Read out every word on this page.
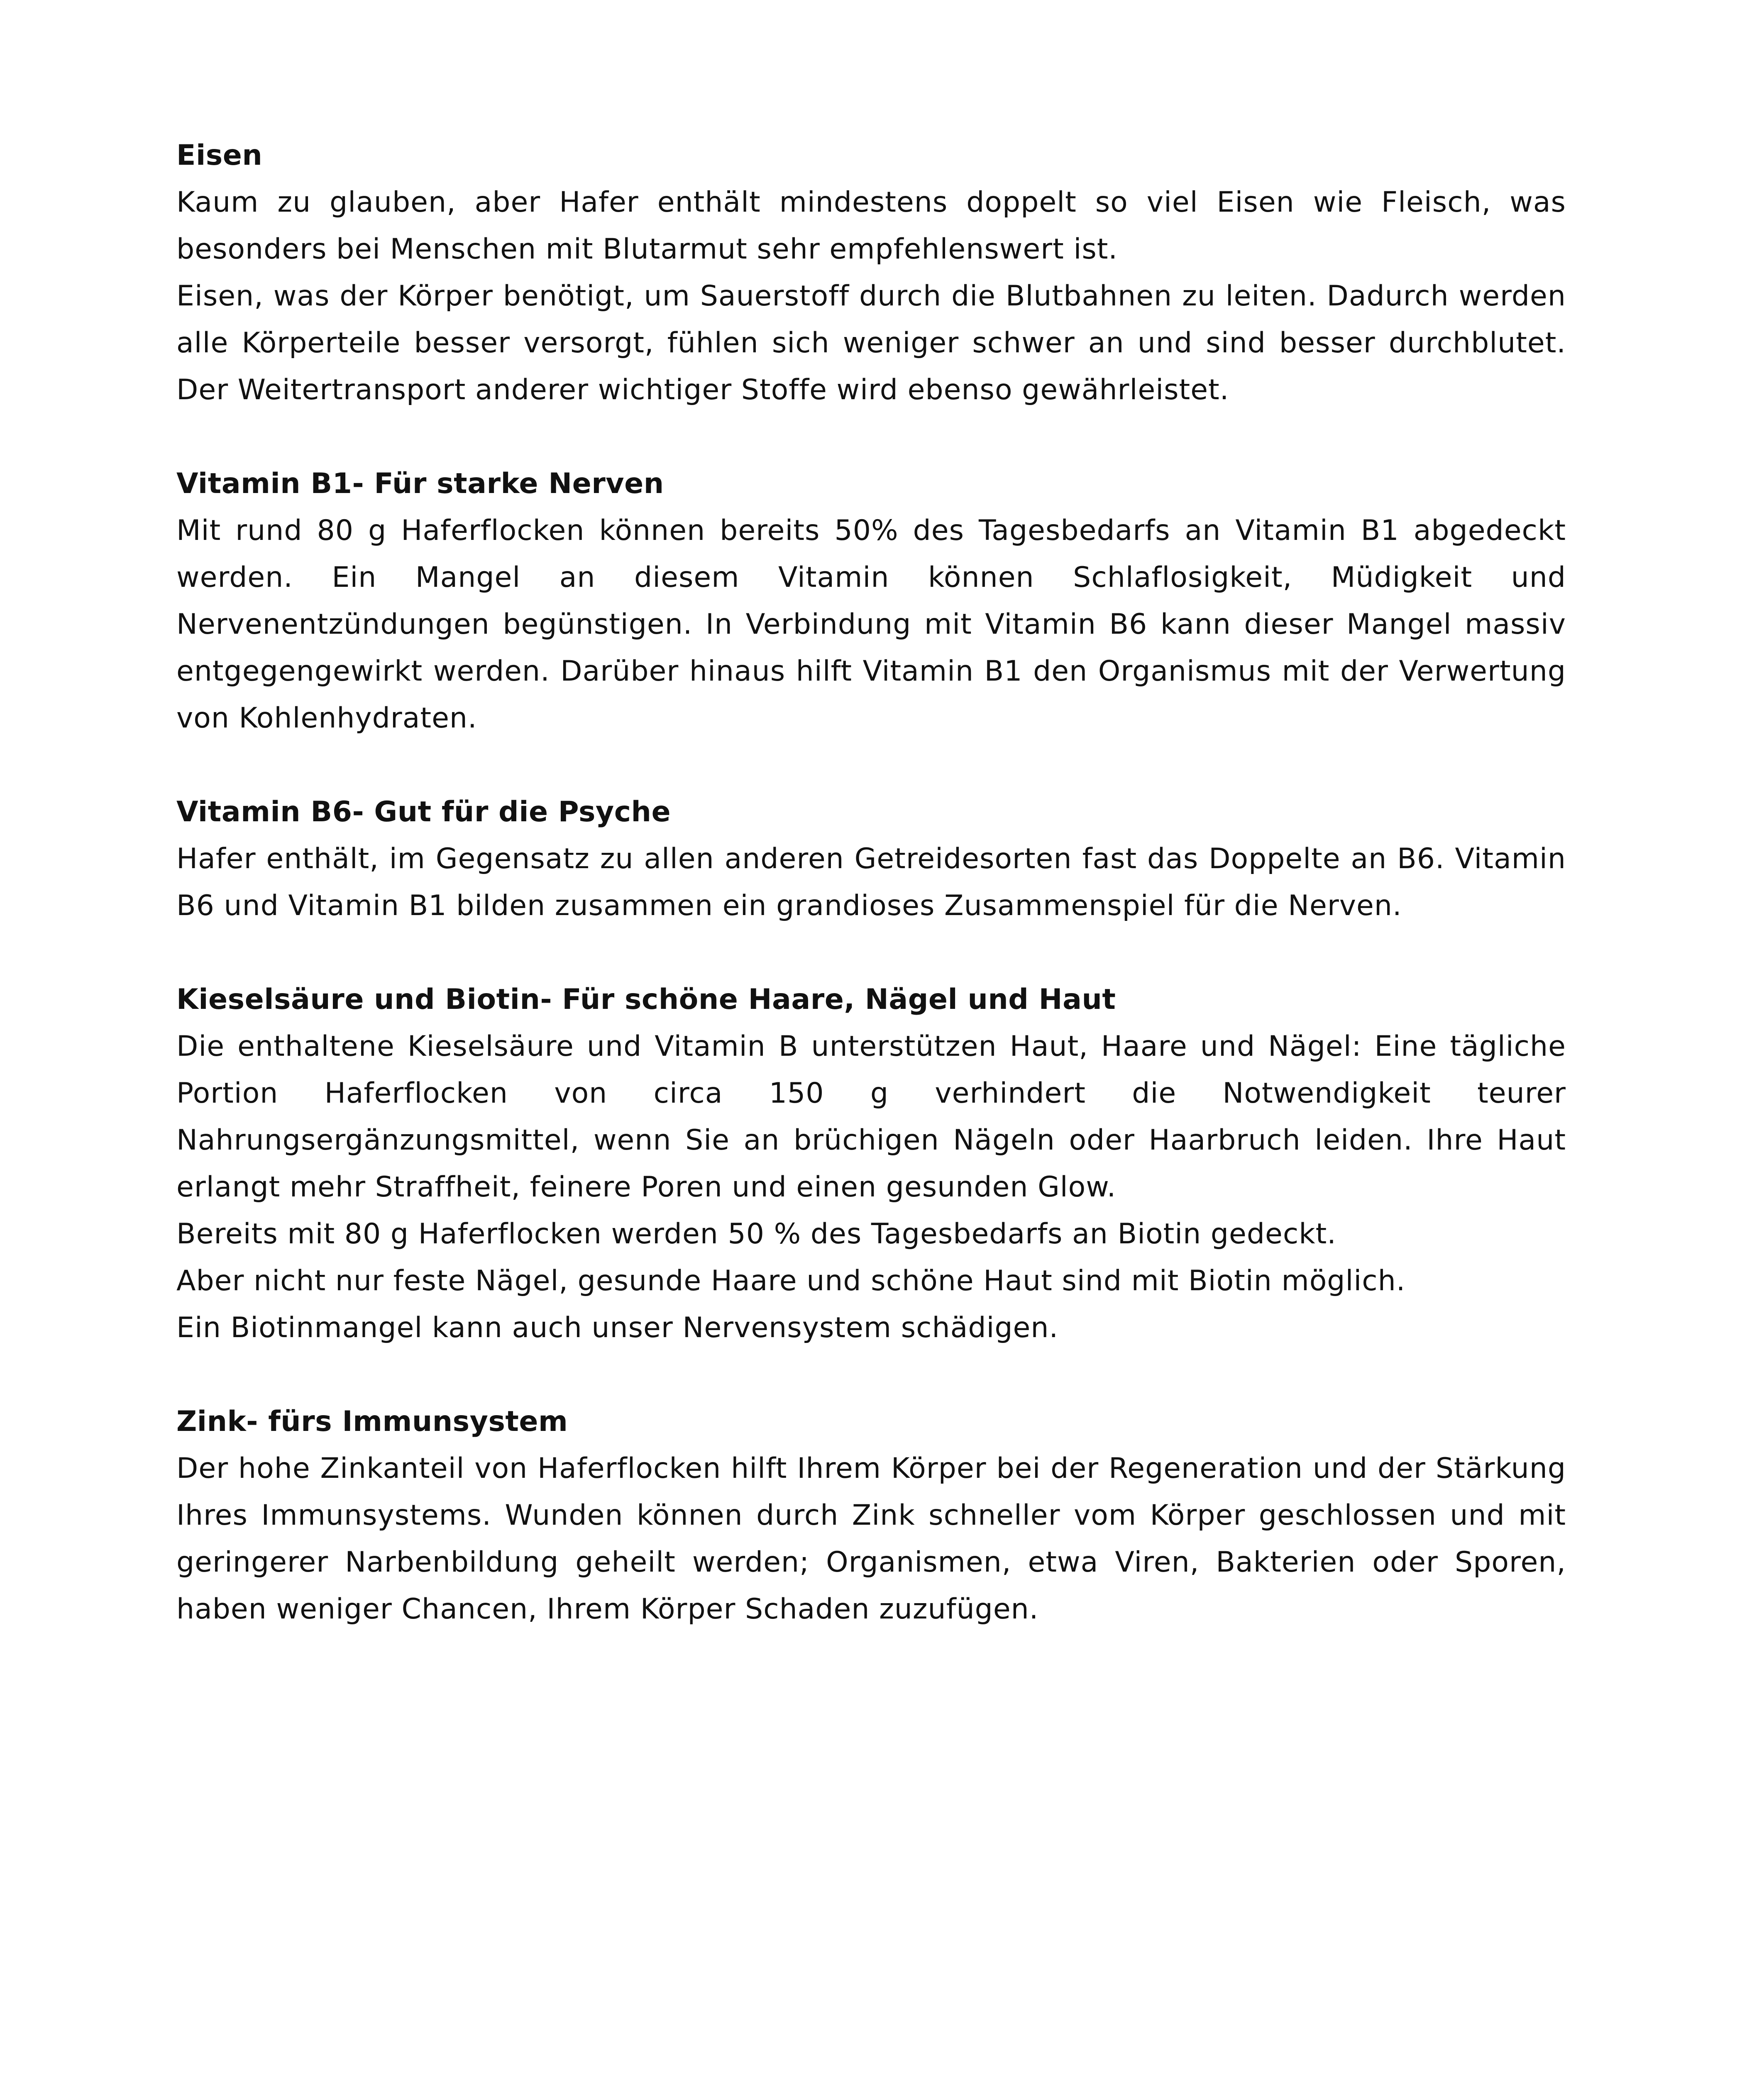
Eisen

Kaum zu glauben, aber Hafer enthält mindestens doppelt so viel Eisen wie Fleisch, was besonders bei Menschen mit Blutarmut sehr empfehlenswert ist.

Eisen, was der Körper benötigt, um Sauerstoff durch die Blutbahnen zu leiten. Dadurch werden alle Körperteile besser versorgt, fühlen sich weniger schwer an und sind besser durchblutet. Der Weitertransport anderer wichtiger Stoffe wird ebenso gewährleistet.

Vitamin B1- Für starke Nerven

Mit rund 80 g Haferflocken können bereits 50% des Tagesbedarfs an Vitamin B1 abgedeckt werden. Ein Mangel an diesem Vitamin können Schlaflosigkeit, Müdigkeit und Nervenentzündungen begünstigen. In Verbindung mit Vitamin B6 kann dieser Mangel massiv entgegengewirkt werden. Darüber hinaus hilft Vitamin B1 den Organismus mit der Verwertung von Kohlenhydraten.

Vitamin B6- Gut für die Psyche

Hafer enthält, im Gegensatz zu allen anderen Getreidesorten fast das Doppelte an B6. Vitamin B6 und Vitamin B1 bilden zusammen ein grandioses Zusammenspiel für die Nerven.

Kieselsäure und Biotin- Für schöne Haare, Nägel und Haut

Die enthaltene Kieselsäure und Vitamin B unterstützen Haut, Haare und Nägel: Eine tägliche Portion Haferflocken von circa 150 g verhindert die Notwendigkeit teurer Nahrungsergänzungsmittel, wenn Sie an brüchigen Nägeln oder Haarbruch leiden. Ihre Haut erlangt mehr Straffheit, feinere Poren und einen gesunden Glow.

Bereits mit 80 g Haferflocken werden 50 % des Tagesbedarfs an Biotin gedeckt.

Aber nicht nur feste Nägel, gesunde Haare und schöne Haut sind mit Biotin möglich.

Ein Biotinmangel kann auch unser Nervensystem schädigen.

Zink- fürs Immunsystem

Der hohe Zinkanteil von Haferflocken hilft Ihrem Körper bei der Regeneration und der Stärkung Ihres Immunsystems. Wunden können durch Zink schneller vom Körper geschlossen und mit geringerer Narbenbildung geheilt werden; Organismen, etwa Viren, Bakterien oder Sporen, haben weniger Chancen, Ihrem Körper Schaden zuzufügen.
